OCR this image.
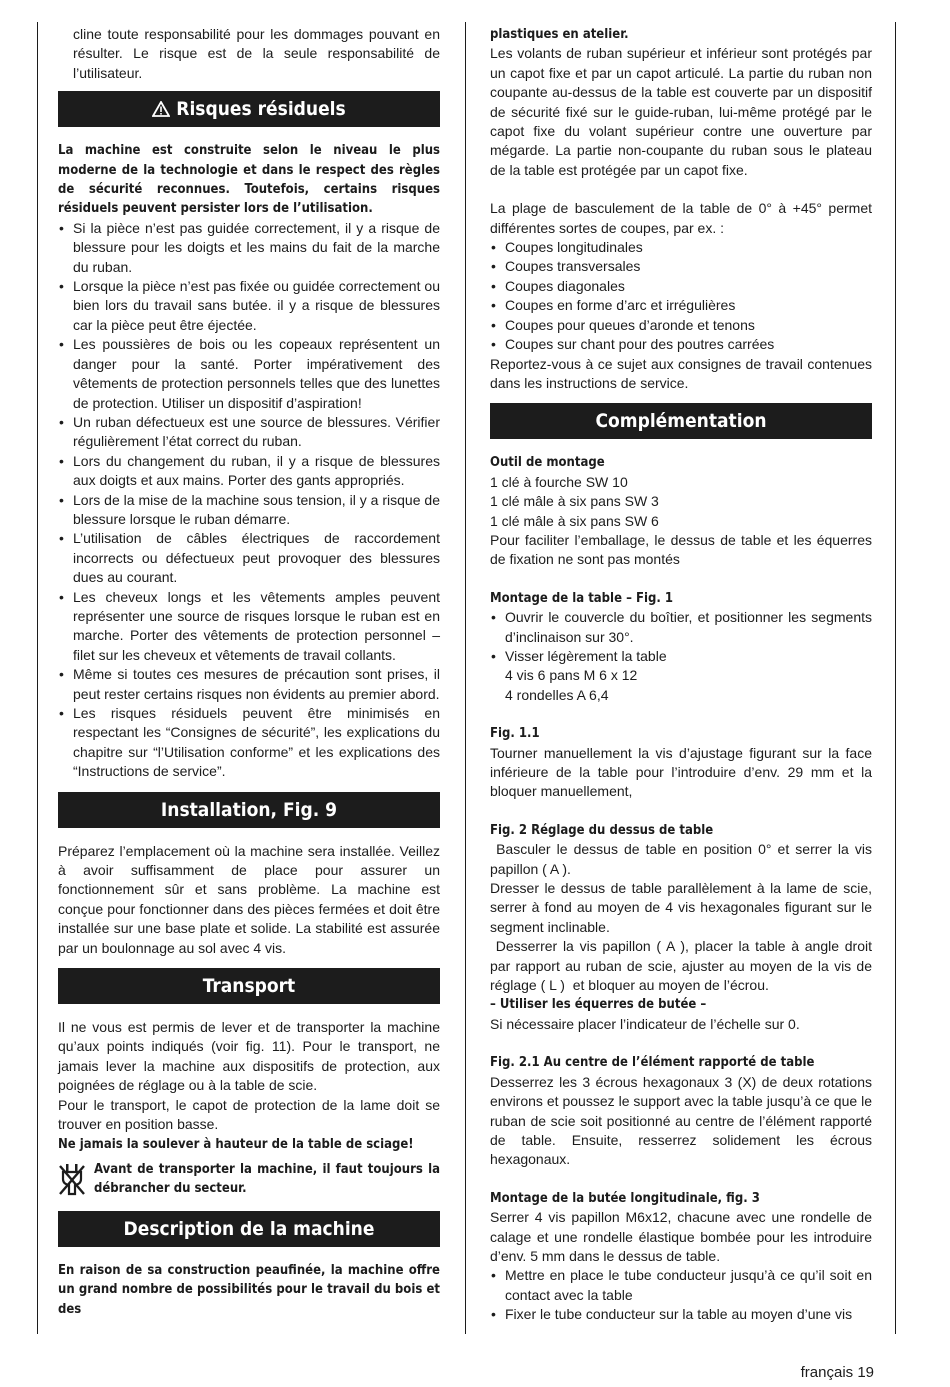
cline toute responsabilité pour les dommages pouvant en résulter. Le risque est de la seule responsabilité de l’utilisateur.

Risques résiduels

La machine est construite selon le niveau le plus moderne de la technologie et dans le respect des règles de sécurité reconnues. Toutefois, certains risques résiduels peuvent persister lors de l’utilisation.

• Si la pièce n’est pas guidée correctement, il y a risque de blessure pour les doigts et les mains du fait de la marche du ruban.
• Lorsque la pièce n’est pas fixée ou guidée correctement ou bien lors du travail sans butée. il y a risque de blessures car la pièce peut être éjectée.
• Les poussières de bois ou les copeaux représentent un danger pour la santé. Porter impérativement des vêtements de protection personnels telles que des lunettes de protection. Utiliser un dispositif d’aspiration!
• Un ruban défectueux est une source de blessures. Vérifier régulièrement l’état correct du ruban.
• Lors du changement du ruban, il y a risque de blessures aux doigts et aux mains. Porter des gants appropriés.
• Lors de la mise de la machine sous tension, il y a risque de blessure lorsque le ruban démarre.
• L’utilisation de câbles électriques de raccordement incorrects ou défectueux peut provoquer des blessures dues au courant.
• Les cheveux longs et les vêtements amples peuvent représenter une source de risques lorsque le ruban est en marche. Porter des vêtements de protection personnel – filet sur les cheveux et vêtements de travail collants.
• Même si toutes ces mesures de précaution sont prises, il peut rester certains risques non évidents au premier abord.
• Les risques résiduels peuvent être minimisés en respectant les “Consignes de sécurité”, les explications du chapitre sur “l’Utilisation conforme” et les explications des “Instructions de service”.
Installation, Fig. 9

Préparez l’emplacement où la machine sera installée. Veillez à avoir suffisamment de place pour assurer un fonctionnement sûr et sans problème. La machine est conçue pour fonctionner dans des pièces fermées et doit être installée sur une base plate et solide. La stabilité est assurée par un boulonnage au sol avec 4 vis.

Transport

Il ne vous est permis de lever et de transporter la machine qu’aux points indiqués (voir fig. 11). Pour le transport, ne jamais lever la machine aux dispositifs de protection, aux poignées de réglage ou à la table de scie.

Pour le transport, le capot de protection de la lame doit se trouver en position basse.

Ne jamais la soulever à hauteur de la table de sciage!

Avant de transporter la machine, il faut toujours la débrancher du secteur.

Description de la machine

En raison de sa construction peaufinée, la machine offre un grand nombre de possibilités pour le travail du bois et des

plastiques en atelier.

Les volants de ruban supérieur et inférieur sont protégés par un capot fixe et par un capot articulé. La partie du ruban non coupante au-dessus de la table est couverte par un dispositif de sécurité fixé sur le guide-ruban, lui-même protégé par le capot fixe du volant supérieur contre une ouverture par mégarde. La partie non-coupante du ruban sous le plateau de la table est protégée par un capot fixe.

La plage de basculement de la table de 0° à +45° permet différentes sortes de coupes, par ex. :

• Coupes longitudinales
• Coupes transversales
• Coupes diagonales
• Coupes en forme d’arc et irrégulières
• Coupes pour queues d’aronde et tenons
• Coupes sur chant pour des poutres carrées

Reportez-vous à ce sujet aux consignes de travail contenues dans les instructions de service.

Complémentation

Outil de montage

1 clé à fourche SW 10

1 clé mâle à six pans SW 3

1 clé mâle à six pans SW 6

Pour faciliter l’emballage, le dessus de table et les équerres de fixation ne sont pas montés

Montage de la table – Fig. 1

• Ouvrir le couvercle du boîtier, et positionner les segments d’inclinaison sur 30°.
• Visser légèrement la table

4 vis 6 pans M 6 x 12

4 rondelles A 6,4

Fig. 1.1

Tourner manuellement la vis d’ajustage figurant sur la face inférieure de la table pour l’introduire d’env. 29 mm et la bloquer manuellement,

Fig. 2 Réglage du dessus de table

Basculer le dessus de table en position 0° et serrer la vis papillon ( A ).

Dresser le dessus de table parallèlement à la lame de scie, serrer à fond au moyen de 4 vis hexagonales figurant sur le segment inclinable.

Desserrer la vis papillon ( A ), placer la table à angle droit par rapport au ruban de scie, ajuster au moyen de la vis de réglage ( L )  et bloquer au moyen de l’écrou.

– Utiliser les équerres de butée –

Si nécessaire placer l’indicateur de l’échelle sur 0.

Fig. 2.1 Au centre de l’élément rapporté de table

Desserrez les 3 écrous hexagonaux 3 (X) de deux rotations environs et poussez le support avec la table jusqu’à ce que le ruban de scie soit positionné au centre de l’élément rapporté de table. Ensuite, resserrez solidement les écrous hexagonaux.

Montage de la butée longitudinale, fig. 3

Serrer 4 vis papillon M6x12, chacune avec une rondelle de calage et une rondelle élastique bombée pour les introduire d’env. 5 mm dans le dessus de table.

• Mettre en place le tube conducteur jusqu’à ce qu’il soit en contact avec la table
• Fixer le tube conducteur sur la table au moyen d’une vis
français 19
